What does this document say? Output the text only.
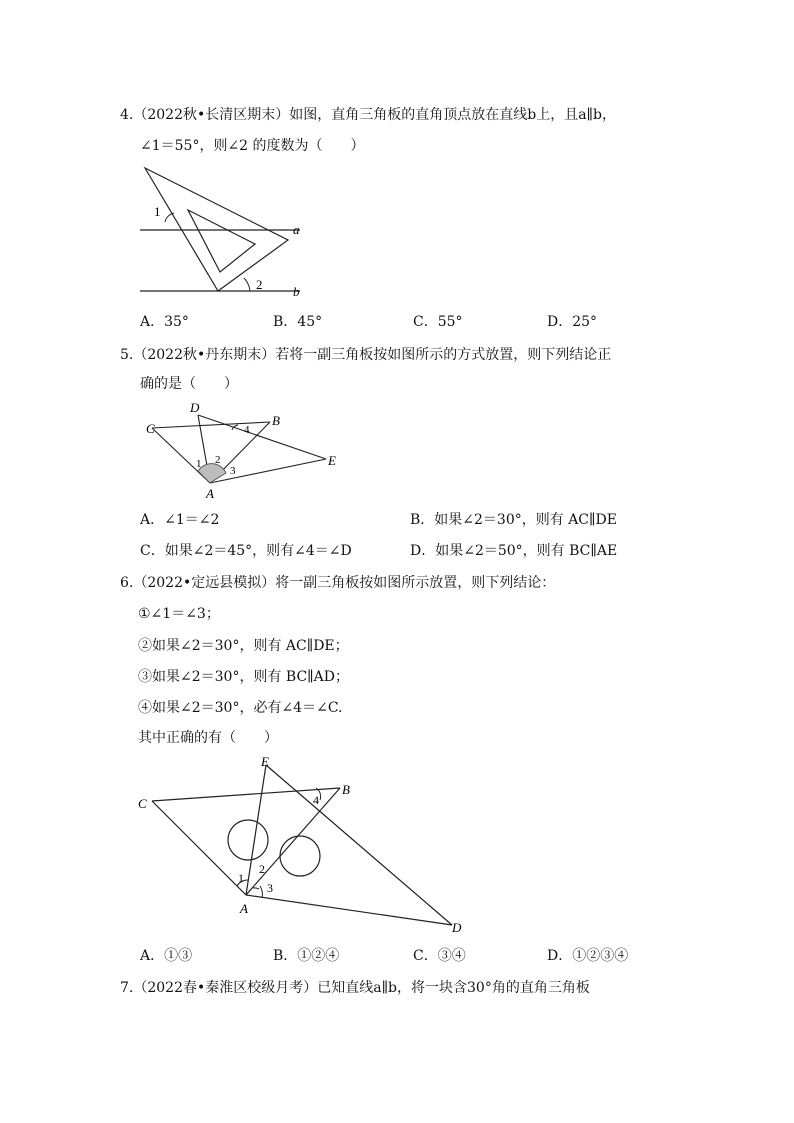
4.（2022秋•长清区期末）如图，直角三角板的直角顶点放在直线b上，且a∥b，
∠1＝55°，则∠2 的度数为（　　）
1
2
a
b
A．35°	B．45°	C．55°	D．25°
5.（2022秋•丹东期末）若将一副三角板按如图所示的方式放置，则下列结论正
确的是（　　）
C
D
B
E
A
1 2
3
4
A．∠1＝∠2	B．如果∠2＝30°，则有 AC∥DE
C．如果∠2＝45°，则有∠4＝∠D	D．如果∠2＝50°，则有 BC∥AE
6.（2022•定远县模拟）将一副三角板按如图所示放置，则下列结论：
①∠1＝∠3；
②如果∠2＝30°，则有 AC∥DE；
③如果∠2＝30°，则有 BC∥AD；
④如果∠2＝30°，必有∠4＝∠C.
其中正确的有（　　）
E
B
C
A
D
1
2
3
4
A．①③	B．①②④	C．③④	D．①②③④
7.（2022春•秦淮区校级月考）已知直线a∥b，将一块含30°角的直角三角板
